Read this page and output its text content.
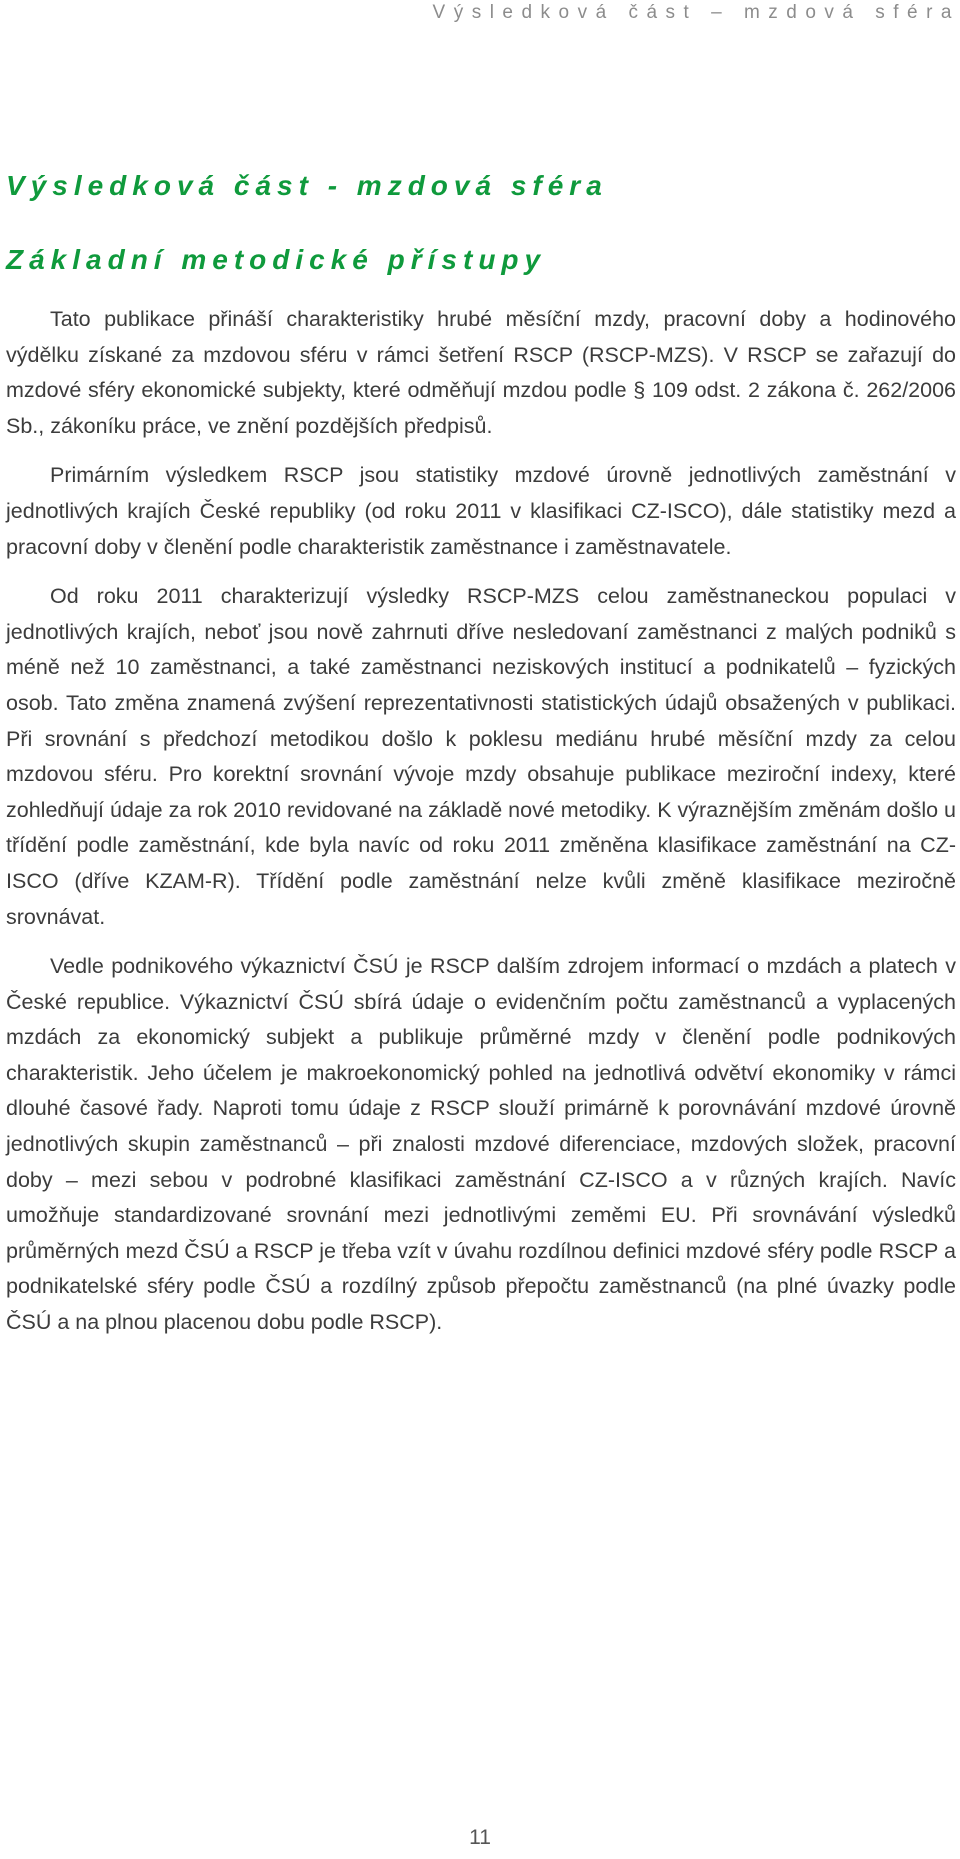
Výsledková část – mzdová sféra
Výsledková část - mzdová sféra
Základní metodické přístupy

Tato publikace přináší charakteristiky hrubé měsíční mzdy, pracovní doby a hodinového výdělku získané za mzdovou sféru v rámci šetření RSCP (RSCP-MZS). V RSCP se zařazují do mzdové sféry ekonomické subjekty, které odměňují mzdou podle § 109 odst. 2 zákona č. 262/2006 Sb., zákoníku práce, ve znění pozdějších předpisů.

Primárním výsledkem RSCP jsou statistiky mzdové úrovně jednotlivých zaměstnání v jednotlivých krajích České republiky (od roku 2011 v klasifikaci CZ-ISCO), dále statistiky mezd a pracovní doby v členění podle charakteristik zaměstnance i zaměstnavatele.

Od roku 2011 charakterizují výsledky RSCP-MZS celou zaměstnaneckou populaci v jednotlivých krajích, neboť jsou nově zahrnuti dříve nesledovaní zaměstnanci z malých podniků s méně než 10 zaměstnanci, a také zaměstnanci neziskových institucí a podnikatelů – fyzických osob. Tato změna znamená zvýšení reprezentativnosti statistických údajů obsažených v publikaci. Při srovnání s předchozí metodikou došlo k poklesu mediánu hrubé měsíční mzdy za celou mzdovou sféru. Pro korektní srovnání vývoje mzdy obsahuje publikace meziroční indexy, které zohledňují údaje za rok 2010 revidované na základě nové metodiky. K výraznějším změnám došlo u třídění podle zaměstnání, kde byla navíc od roku 2011 změněna klasifikace zaměstnání na CZ-ISCO (dříve KZAM-R). Třídění podle zaměstnání nelze kvůli změně klasifikace meziročně srovnávat.

Vedle podnikového výkaznictví ČSÚ je RSCP dalším zdrojem informací o mzdách a platech v České republice. Výkaznictví ČSÚ sbírá údaje o evidenčním počtu zaměstnanců a vyplacených mzdách za ekonomický subjekt a publikuje průměrné mzdy v členění podle podnikových charakteristik. Jeho účelem je makroekonomický pohled na jednotlivá odvětví ekonomiky v rámci dlouhé časové řady. Naproti tomu údaje z RSCP slouží primárně k porovnávání mzdové úrovně jednotlivých skupin zaměstnanců – při znalosti mzdové diferenciace, mzdových složek, pracovní doby – mezi sebou v podrobné klasifikaci zaměstnání CZ-ISCO a v různých krajích. Navíc umožňuje standardizované srovnání mezi jednotlivými zeměmi EU. Při srovnávání výsledků průměrných mezd ČSÚ a RSCP je třeba vzít v úvahu rozdílnou definici mzdové sféry podle RSCP a podnikatelské sféry podle ČSÚ a rozdílný způsob přepočtu zaměstnanců (na plné úvazky podle ČSÚ a na plnou placenou dobu podle RSCP).

11
